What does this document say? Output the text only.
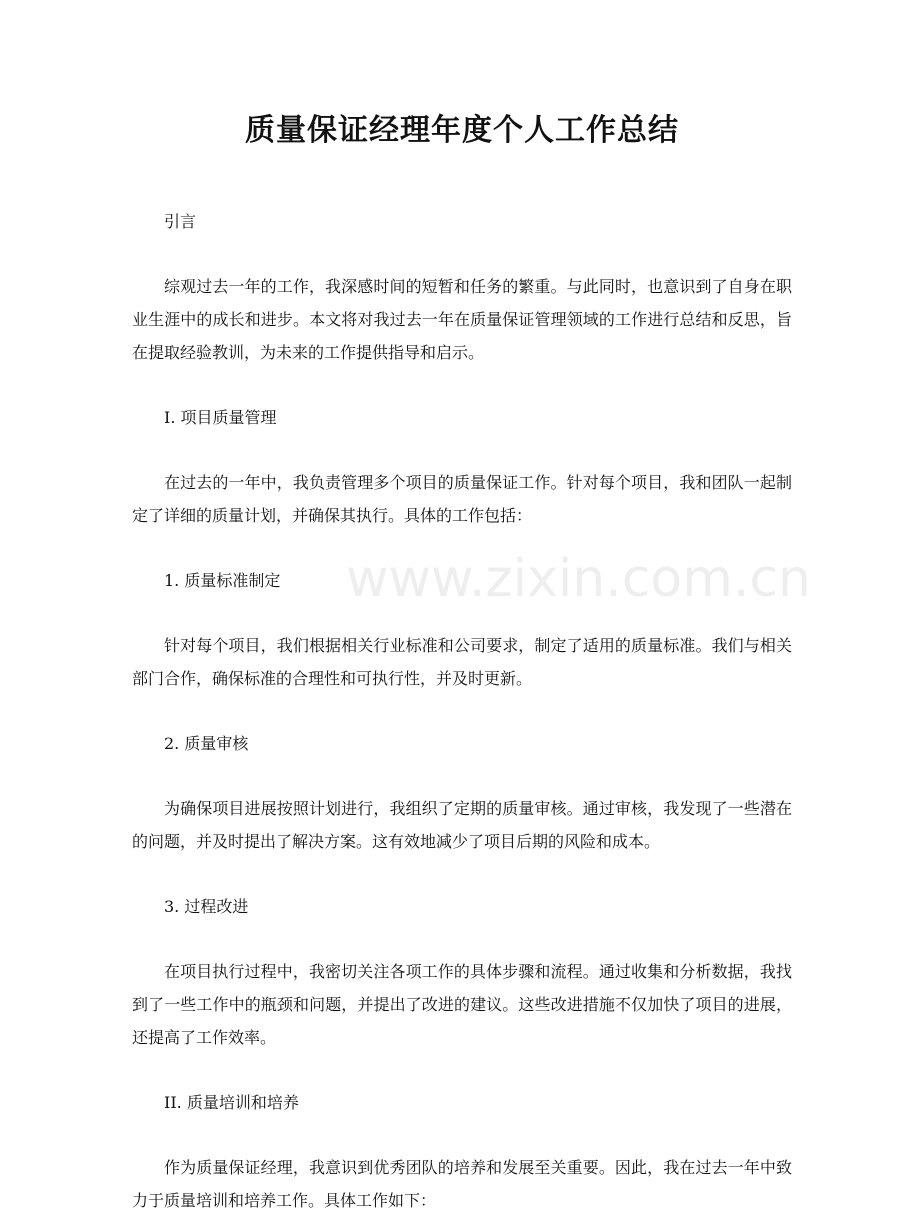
质量保证经理年度个人工作总结

引言

综观过去一年的工作，我深感时间的短暂和任务的繁重。与此同时，也意识到了自身在职业生涯中的成长和进步。本文将对我过去一年在质量保证管理领域的工作进行总结和反思，旨在提取经验教训，为未来的工作提供指导和启示。

I. 项目质量管理

在过去的一年中，我负责管理多个项目的质量保证工作。针对每个项目，我和团队一起制定了详细的质量计划，并确保其执行。具体的工作包括：

1. 质量标准制定

针对每个项目，我们根据相关行业标准和公司要求，制定了适用的质量标准。我们与相关部门合作，确保标准的合理性和可执行性，并及时更新。

2. 质量审核

为确保项目进展按照计划进行，我组织了定期的质量审核。通过审核，我发现了一些潜在的问题，并及时提出了解决方案。这有效地减少了项目后期的风险和成本。

3. 过程改进

在项目执行过程中，我密切关注各项工作的具体步骤和流程。通过收集和分析数据，我找到了一些工作中的瓶颈和问题，并提出了改进的建议。这些改进措施不仅加快了项目的进展，还提高了工作效率。

II. 质量培训和培养

作为质量保证经理，我意识到优秀团队的培养和发展至关重要。因此，我在过去一年中致力于质量培训和培养工作。具体工作如下：

www.zixin.com.cn
